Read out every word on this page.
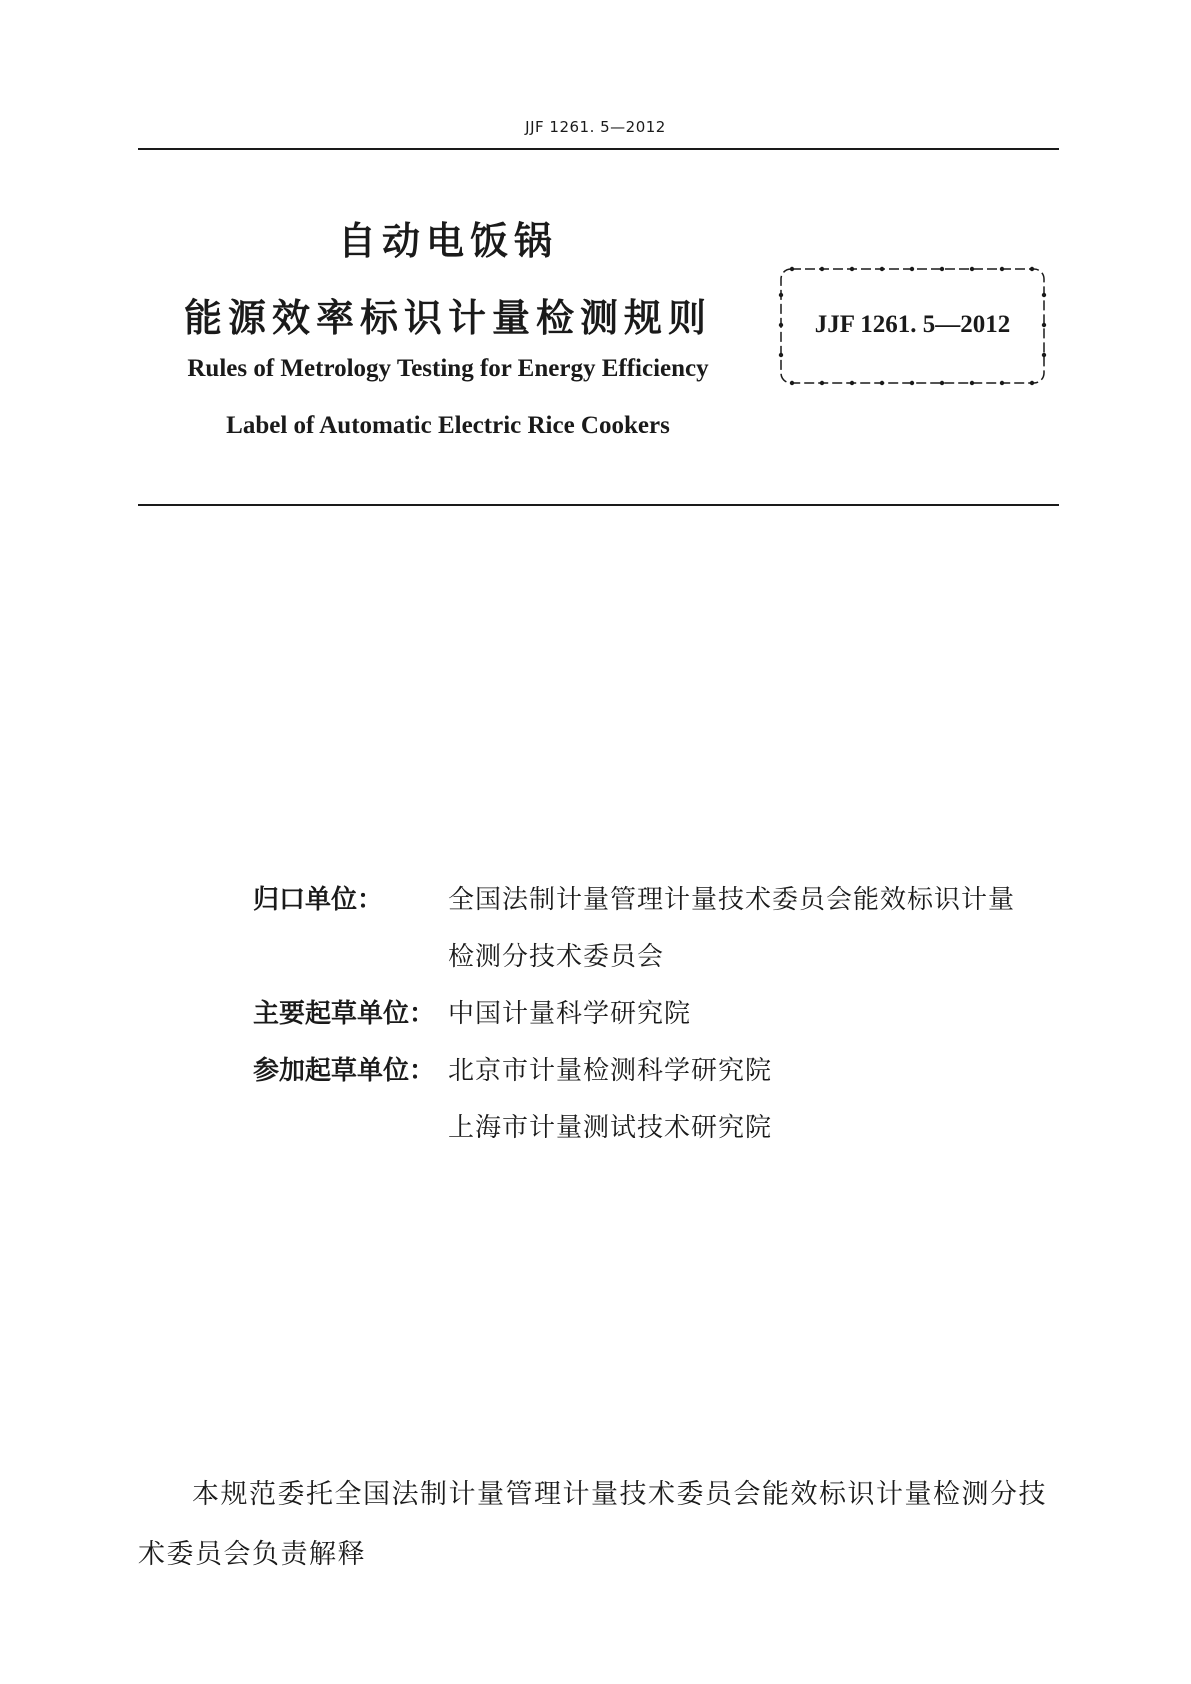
JJF 1261. 5—2012
自动电饭锅
能源效率标识计量检测规则
Rules of Metrology Testing for Energy Efficiency
Label of Automatic Electric Rice Cookers
JJF 1261. 5—2012
归口单位：	全国法制计量管理计量技术委员会能效标识计量
检测分技术委员会
主要起草单位： 中国计量科学研究院
参加起草单位： 北京市计量检测科学研究院
上海市计量测试技术研究院
本规范委托全国法制计量管理计量技术委员会能效标识计量检测分技术委员会负责解释
